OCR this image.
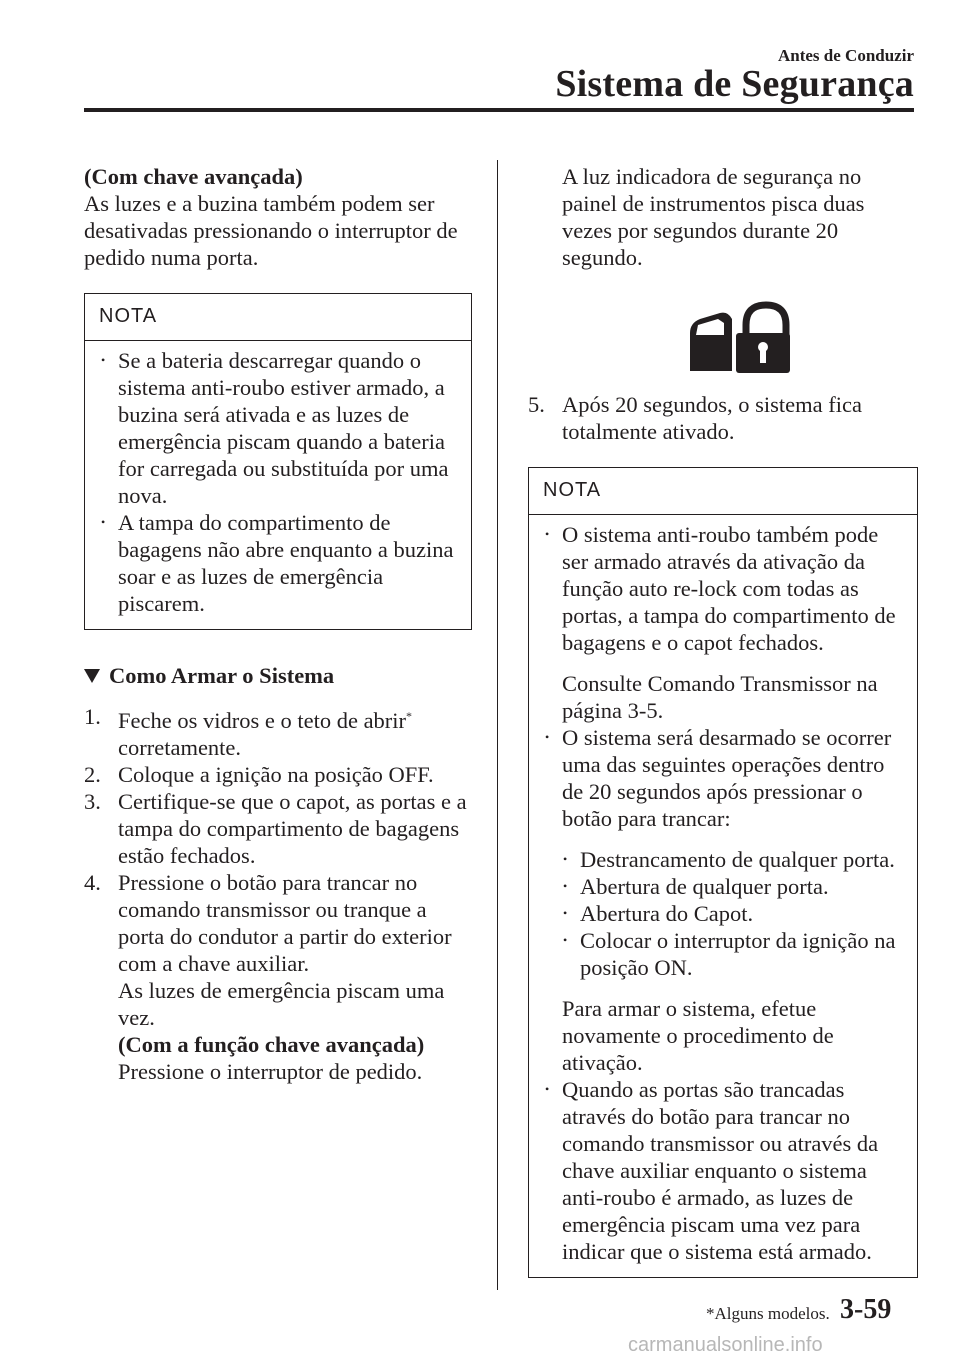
Antes de Conduzir
Sistema de Segurança
(Com chave avançada)
As luzes e a buzina também podem ser desativadas pressionando o interruptor de pedido numa porta.
NOTA
• Se a bateria descarregar quando o sistema anti-roubo estiver armado, a buzina será ativada e as luzes de emergência piscam quando a bateria for carregada ou substituída por uma nova.
• A tampa do compartimento de bagagens não abre enquanto a buzina soar e as luzes de emergência piscarem.
Como Armar o Sistema
1. Feche os vidros e o teto de abrir*
corretamente.
2. Coloque a ignição na posição OFF.
3. Certifique-se que o capot, as portas e a tampa do compartimento de bagagens estão fechados.
4. Pressione o botão para trancar no comando transmissor ou tranque a porta do condutor a partir do exterior com a chave auxiliar.
As luzes de emergência piscam uma vez.
(Com a função chave avançada)
Pressione o interruptor de pedido.
A luz indicadora de segurança no painel de instrumentos pisca duas vezes por segundos durante 20 segundo.
5. Após 20 segundos, o sistema fica totalmente ativado.
NOTA
• O sistema anti-roubo também pode ser armado através da ativação da função auto re-lock com todas as portas, a tampa do compartimento de bagagens e o capot fechados.
Consulte Comando Transmissor na página 3-5.
• O sistema será desarmado se ocorrer uma das seguintes operações dentro de 20 segundos após pressionar o botão para trancar:
• Destrancamento de qualquer porta.
• Abertura de qualquer porta.
• Abertura do Capot.
• Colocar o interruptor da ignição na posição ON.
Para armar o sistema, efetue novamente o procedimento de ativação.
• Quando as portas são trancadas através do botão para trancar no comando transmissor ou através da chave auxiliar enquanto o sistema anti-roubo é armado, as luzes de emergência piscam uma vez para indicar que o sistema está armado.
*Alguns modelos. 3-59
carmanualsonline.info
